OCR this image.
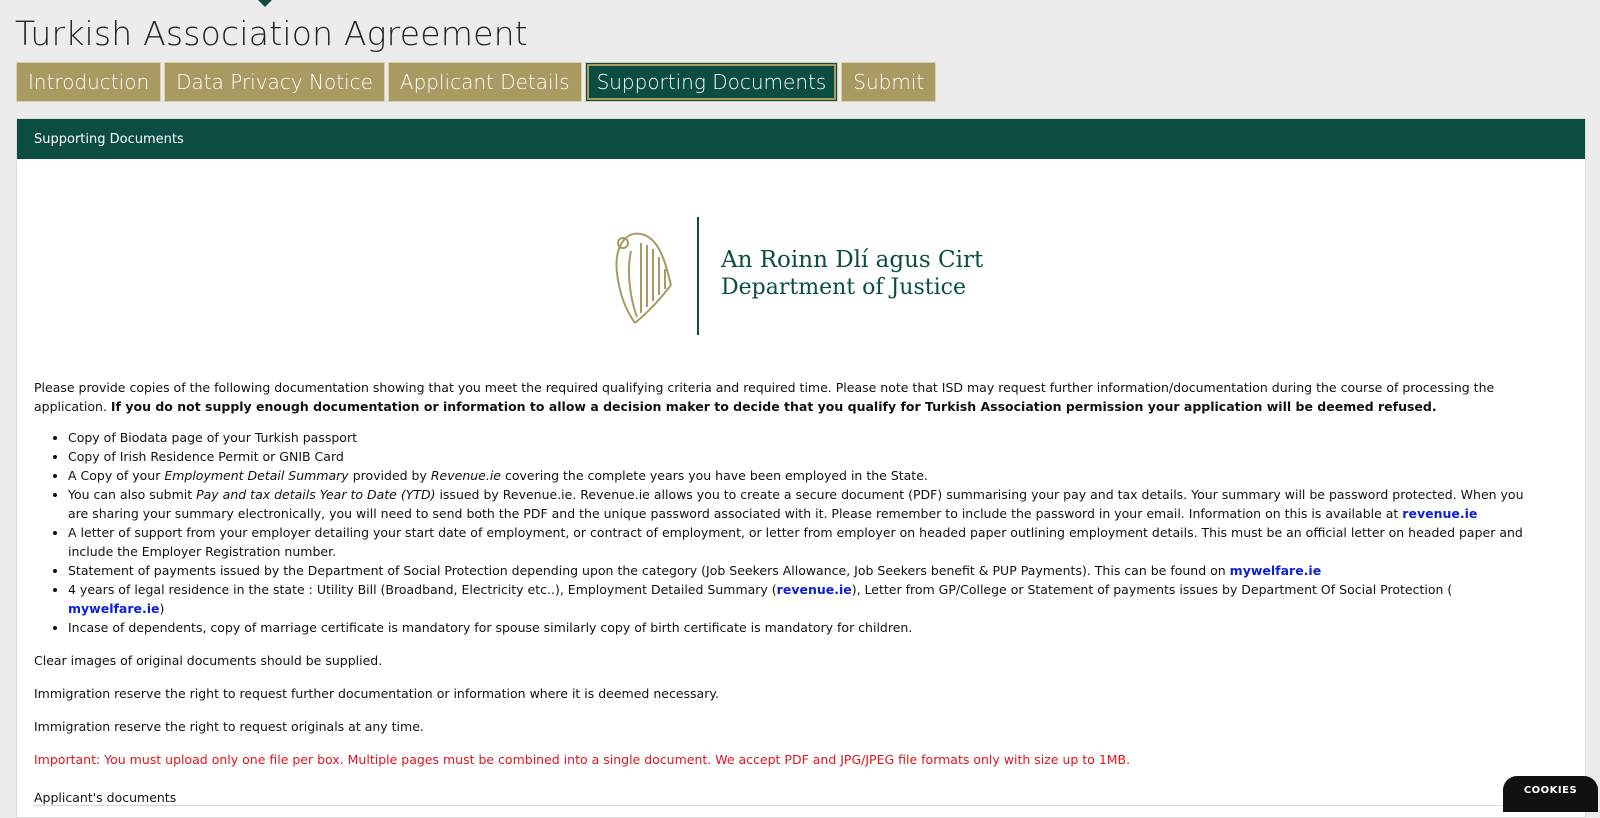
Turkish Association Agreement
Introduction	Data Privacy Notice	Applicant Details	Supporting Documents	Submit
Supporting Documents
An Roinn Dlí agus Cirt
Department of Justice

Please provide copies of the following documentation showing that you meet the required qualifying criteria and required time. Please note that ISD may request further information/documentation during the course of processing the application. If you do not supply enough documentation or information to allow a decision maker to decide that you qualify for Turkish Association permission your application will be deemed refused.

• Copy of Biodata page of your Turkish passport
• Copy of Irish Residence Permit or GNIB Card
• A Copy of your Employment Detail Summary provided by Revenue.ie covering the complete years you have been employed in the State.
• You can also submit Pay and tax details Year to Date (YTD) issued by Revenue.ie. Revenue.ie allows you to create a secure document (PDF) summarising your pay and tax details. Your summary will be password protected. When you are sharing your summary electronically, you will need to send both the PDF and the unique password associated with it. Please remember to include the password in your email. Information on this is available at revenue.ie
• A letter of support from your employer detailing your start date of employment, or contract of employment, or letter from employer on headed paper outlining employment details. This must be an official letter on headed paper and include the Employer Registration number.
• Statement of payments issued by the Department of Social Protection depending upon the category (Job Seekers Allowance, Job Seekers benefit & PUP Payments). This can be found on mywelfare.ie
• 4 years of legal residence in the state : Utility Bill (Broadband, Electricity etc..), Employment Detailed Summary (revenue.ie), Letter from GP/College or Statement of payments issues by Department Of Social Protection ( mywelfare.ie)
• Incase of dependents, copy of marriage certificate is mandatory for spouse similarly copy of birth certificate is mandatory for children.

Clear images of original documents should be supplied.

Immigration reserve the right to request further documentation or information where it is deemed necessary.

Immigration reserve the right to request originals at any time.

Important: You must upload only one file per box. Multiple pages must be combined into a single document. We accept PDF and JPG/JPEG file formats only with size up to 1MB.

Applicant's documents	COOKIES
